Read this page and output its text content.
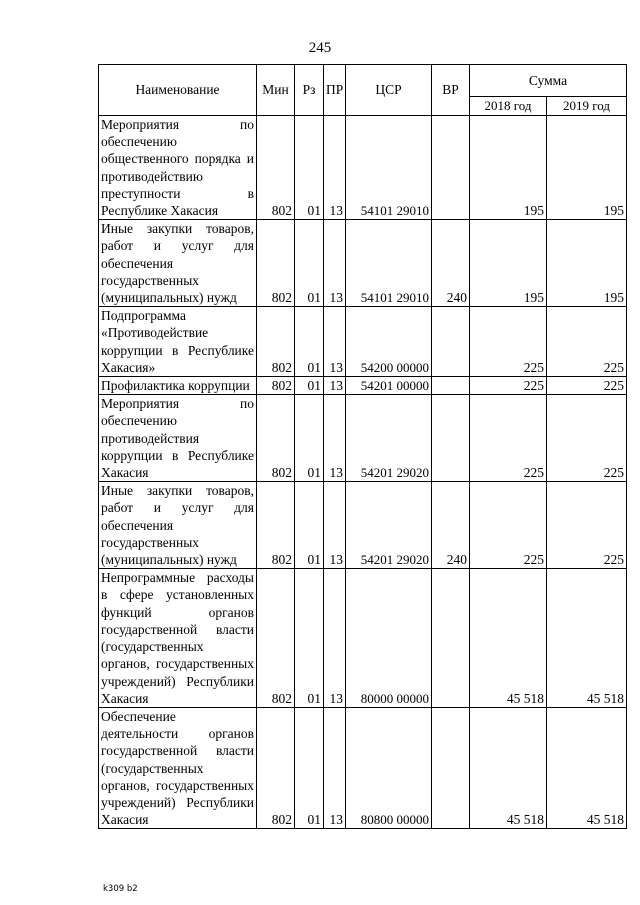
245
Наименование	Мин	Рз	ПР	ЦСР	ВР	Сумма	
						2018 год	2019 год
Мероприятия по обеспечению общественного порядка и противодействию преступности в Республике Хакасия	802	01	13	54101 29010		195	195
Иные закупки товаров, работ и услуг для обеспечения государственных (муниципальных) нужд	802	01	13	54101 29010	240	195	195
Подпрограмма «Противодействие коррупции в Республике Хакасия»	802	01	13	54200 00000		225	225
Профилактика коррупции	802	01	13	54201 00000		225	225
Мероприятия по обеспечению противодействия коррупции в Республике Хакасия	802	01	13	54201 29020		225	225
Иные закупки товаров, работ и услуг для обеспечения государственных (муниципальных) нужд	802	01	13	54201 29020	240	225	225
Непрограммные расходы в сфере установленных функций органов государственной власти (государственных органов, государственных учреждений) Республики Хакасия	802	01	13	80000 00000		45 518	45 518
Обеспечение деятельности органов государственной власти (государственных органов, государственных учреждений) Республики Хакасия	802	01	13	80800 00000		45 518	45 518
k309 b2
